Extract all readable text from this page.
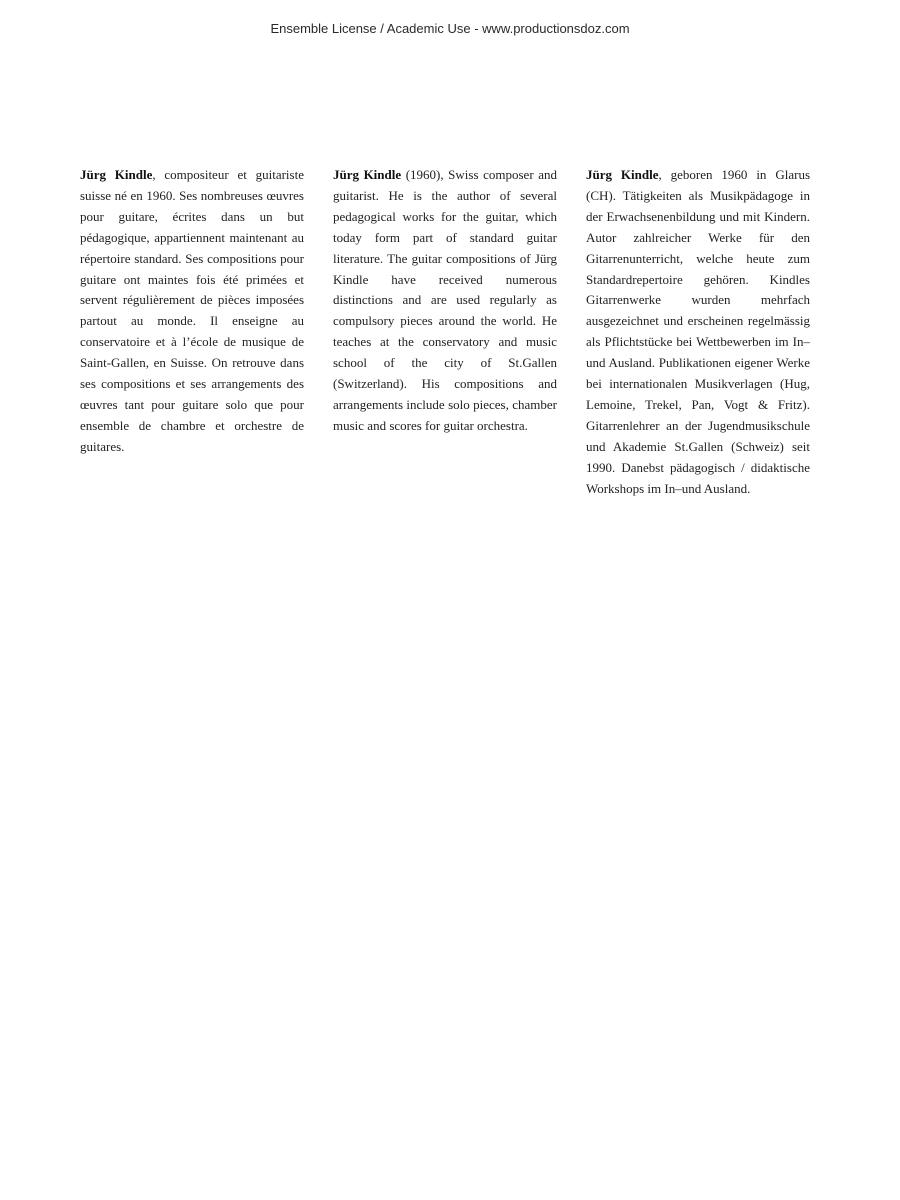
Ensemble License / Academic Use - www.productionsdoz.com
Jürg Kindle, compositeur et guitariste suisse né en 1960. Ses nombreuses œuvres pour guitare, écrites dans un but pédagogique, appartiennent maintenant au répertoire standard. Ses compositions pour guitare ont maintes fois été primées et servent régulièrement de pièces imposées partout au monde. Il enseigne au conservatoire et à l’école de musique de Saint-Gallen, en Suisse. On retrouve dans ses compositions et ses arrangements des œuvres tant pour guitare solo que pour ensemble de chambre et orchestre de guitares.
Jürg Kindle (1960), Swiss composer and guitarist. He is the author of several pedagogical works for the guitar, which today form part of standard guitar literature. The guitar compositions of Jürg Kindle have received numerous distinctions and are used regularly as compulsory pieces around the world. He teaches at the conservatory and music school of the city of St.Gallen (Switzerland). His compositions and arrangements include solo pieces, chamber music and scores for guitar orchestra.
Jürg Kindle, geboren 1960 in Glarus (CH). Tätigkeiten als Musikpädagoge in der Erwachsenenbildung und mit Kindern. Autor zahlreicher Werke für den Gitarrenunterricht, welche heute zum Standardrepertoire gehören. Kindles Gitarrenwerke wurden mehrfach ausgezeichnet und erscheinen regelmässig als Pflichtstücke bei Wettbewerben im In–und Ausland. Publikationen eigener Werke bei internationalen Musikverlagen (Hug, Lemoine, Trekel, Pan, Vogt & Fritz). Gitarrenlehrer an der Jugendmusikschule und Akademie St.Gallen (Schweiz) seit 1990. Danebst pädagogisch / didaktische Workshops im In–und Ausland.
